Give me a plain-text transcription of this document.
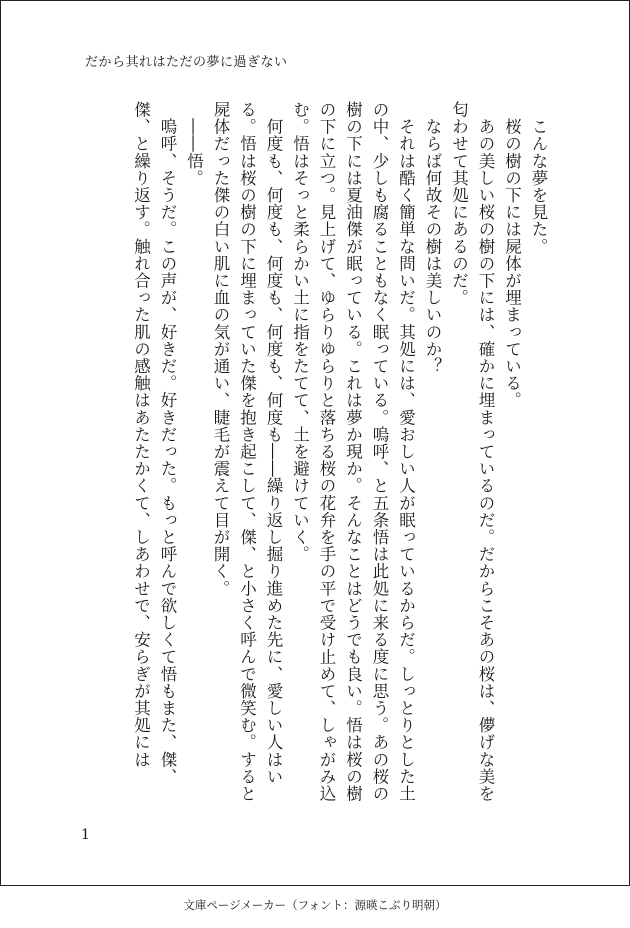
だから其れはただの夢に過ぎない

　こんな夢を見た。

　桜の樹の下には屍体が埋まっている。

　あの美しい桜の樹の下には、確かに埋まっているのだ。だからこそあの桜は、儚げな美を匂わせて其処にあるのだ。

　ならば何故その樹は美しいのか？

　それは酷く簡単な問いだ。其処には、愛おしい人が眠っているからだ。しっとりとした土の中、少しも腐ることもなく眠っている。嗚呼、と五条悟は此処に来る度に思う。あの桜の樹の下には夏油傑が眠っている。これは夢か現か。そんなことはどうでも良い。悟は桜の樹の下に立つ。見上げて、ゆらりゆらりと落ちる桜の花弁を手の平で受け止めて、しゃがみ込む。悟はそっと柔らかい土に指をたてて、土を避けていく。

　何度も、何度も、何度も、何度も、何度も――繰り返し掘り進めた先に、愛しい人はいる。悟は桜の樹の下に埋まっていた傑を抱き起こして、傑、と小さく呼んで微笑む。すると屍体だった傑の白い肌に血の気が通い、睫毛が震えて目が開く。

　――悟。

　嗚呼、そうだ。この声が、好きだ。好きだった。もっと呼んで欲しくて悟もまた、傑、傑、と繰り返す。触れ合った肌の感触はあたたかくて、しあわせで、安らぎが其処には

1
文庫ページメーカー（フォント：源暎こぶり明朝）
